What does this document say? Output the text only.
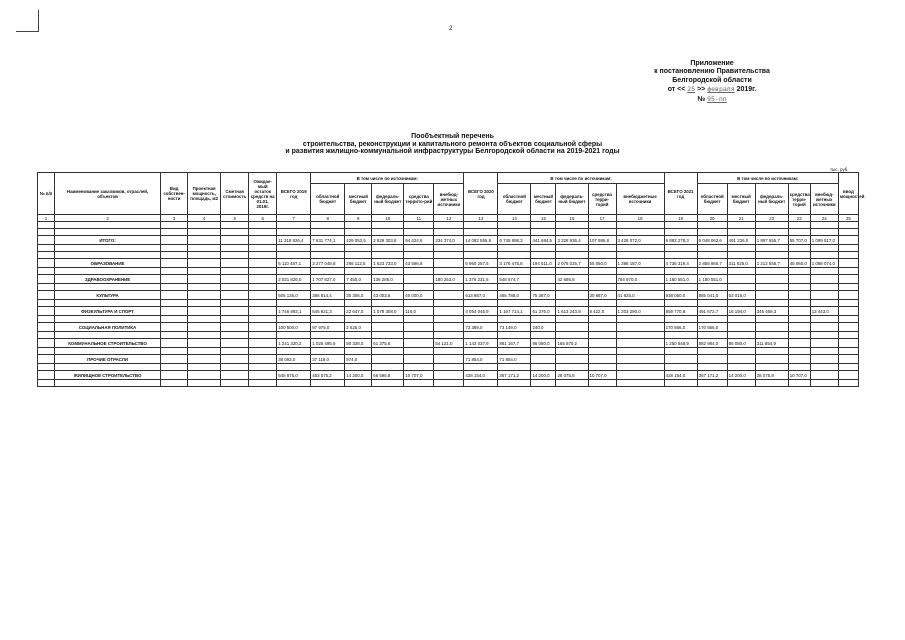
2
Приложение
к постановлению Правительства
Белгородской области
от << 25 >> февраля 2019г.
№ 95-пп
Пообъектный перечень
строительства, реконструкции и капитального ремонта объектов социальной сферы
и развития жилищно-коммунальной инфраструктуры Белгородской области на 2019-2021 годы
тыс. руб.
№ п/п	Наименование заказчиков, отраслей, объектов	Вид собствен-ности	Проектная мощность, площадь, м2	Сметная стоимость	Ожидае-мый остаток средств на 01.01. 2019г.	ВСЕГО 2019 год	В том числе по источникам:					ВСЕГО 2020 год	В том числе по источникам:					ВСЕГО 2021 год	В том числе по источникам:					ввод мощностей
							областной бюджет	местный бюджет	федераль-ный бюджет	средства террито-рий	внебюд-жетных источники		областной бюджет	местный бюджет	федераль-ный бюджет	средства терри-торий	внебюджетные источники		областной бюджет	местный бюджет	федераль-ный бюджет	средства терри-торий	внебюд-жетных источники	
1	2	3	4	5	6	7	8	9	10	11	12	13	14	15	16	17	18	19	20	21	22	23	24	25

	ИТОГО:					11 318 926,4	7 631 774,1	429 053,5	2 929 303,8	94 424,6	234 374,0	14 082 556,9	6 745 898,3	441 684,5	3 328 936,4	107 986,8	3 428 072,0	9 883 278,3	6 048 062,6	491 236,0	1 897 555,7	55 707,0	1 099 517,0	

	ОБРАЗОВАНИЕ					5 110 487,1	3 277 048,8	266 112,5	1 523 733,0	43 596,8		6 960 257,5	3 176 475,8	194 511,0	2 078 025,7	55 050,0	1 398 187,0	4 736 319,4	2 858 866,7	311 825,0	1 212 555,7	45 060,0	1 088 074,0	

	ЗДРАВООХРАНЕНИЕ					2 031 826,0	1 707 827,0	7 450,0	136 286,0		180 253,0	1 376 231,5	548 574,7		42 686,8		784 970,0	1 180 551,0	1 180 551,0					

	КУЛЬТУРА					505 136,0	386 814,4	35 306,0	43 003,6	40 000,0		613 987,0	465 788,0	75 387,0		30 887,0	41 925,0	938 050,0	885 041,0	53 019,0				

	ФИЗКУЛЬТУРА И СПОРТ					1 746 893,1	645 921,3	22 647,0	1 078 308,0	116,0		4 054 045,9	1 167 714,1	61 376,0	1 613 243,8	8 422,0	1 203 290,0	859 770,8	491 672,7	16 194,0	345 469,3		13 443,0	

	СОЦИАЛЬНАЯ ПОЛИТИКА					100 600,0	97 975,0	2 625,0				73 389,0	73 149,0	240,0				170 566,0	170 566,0					

	КОММУНАЛЬНОЕ СТРОИТЕЛЬСТВО					1 241 320,2	1 025 495,6	80 328,0	61 375,6		54 121,0	1 143 037,9	881 167,7	96 080,0	165 870,2			1 250 848,9	882 984,0	86 080,0	311 854,9			

	ПРОЧИЕ ОТРАСЛИ					38 093,0	37 119,0	974,0				71 854,0	71 854,0											

	ЖИЛИЩНОЕ СТРОИТЕЛЬСТВО					545 875,0	453 575,2	14 200,0	66 596,8	10 707,0		428 154,0	367 171,2	14 200,0	28 075,8	10 707,0		428 154,0	367 171,2	14 200,0	28 075,8	10 707,0		
